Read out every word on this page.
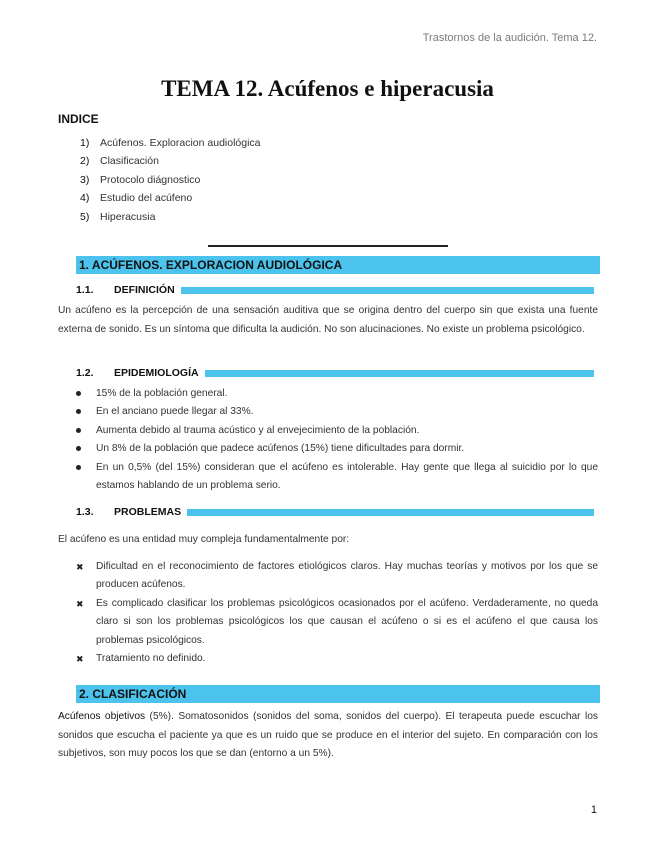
Trastornos de la audición. Tema 12.
TEMA 12. Acúfenos e hiperacusia
INDICE
1) Acúfenos. Exploracion audiológica
2) Clasificación
3) Protocolo diágnostico
4) Estudio del acúfeno
5) Hiperacusia
1. ACÚFENOS. EXPLORACION AUDIOLÓGICA
1.1.	DEFINICIÓN
Un acúfeno es la percepción de una sensación auditiva que se origina dentro del cuerpo sin que exista una fuente externa de sonido. Es un síntoma que dificulta la audición. No son alucinaciones. No existe un problema psicológico.
1.2.	EPIDEMIOLOGÍA
15% de la población general.
En el anciano puede llegar al 33%.
Aumenta debido al trauma acústico y al envejecimiento de la población.
Un 8% de la población que padece acúfenos (15%) tiene dificultades para dormir.
En un 0,5% (del 15%) consideran que el acúfeno es intolerable. Hay gente que llega al suicidio por lo que estamos hablando de un problema serio.
1.3.	PROBLEMAS
El acúfeno es una entidad muy compleja fundamentalmente por:
✖	Dificultad en el reconocimiento de factores etiológicos claros. Hay muchas teorías y motivos por los que se producen acúfenos.
✖	Es complicado clasificar los problemas psicológicos ocasionados por el acúfeno. Verdaderamente, no queda claro si son los problemas psicológicos los que causan el acúfeno o si es el acúfeno el que causa los problemas psicológicos.
✖	Tratamiento no definido.
2. CLASIFICACIÓN
Acúfenos objetivos (5%). Somatosonidos (sonidos del soma, sonidos del cuerpo). El terapeuta puede escuchar los sonidos que escucha el paciente ya que es un ruido que se produce en el interior del sujeto. En comparación con los subjetivos, son muy pocos los que se dan (entorno a un 5%).
1
